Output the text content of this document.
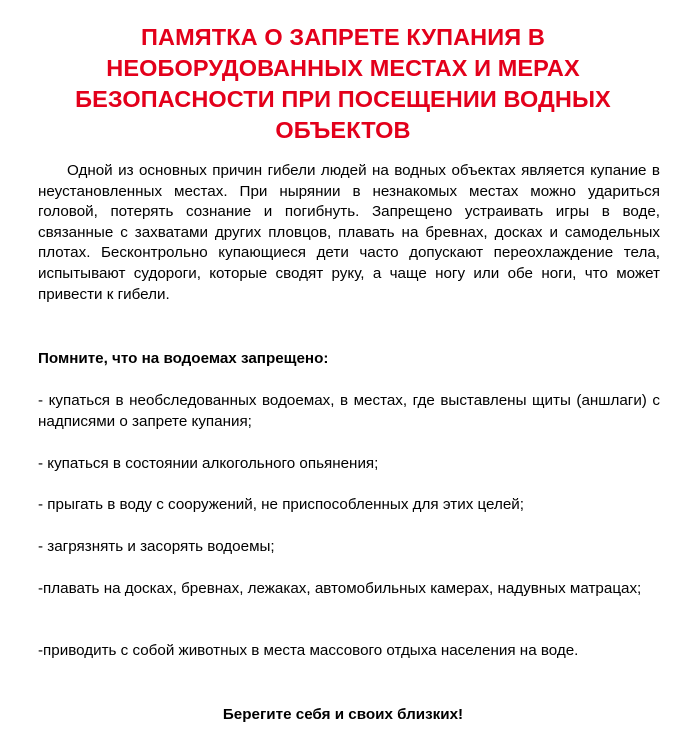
ПАМЯТКА О ЗАПРЕТЕ КУПАНИЯ В НЕОБОРУДОВАННЫХ МЕСТАХ И МЕРАХ БЕЗОПАСНОСТИ ПРИ ПОСЕЩЕНИИ ВОДНЫХ ОБЪЕКТОВ

Одной из основных причин гибели людей на водных объектах является купание в неустановленных местах. При нырянии в незнакомых местах можно удариться головой, потерять сознание и погибнуть. Запрещено устраивать игры в воде, связанные с захватами других пловцов, плавать на бревнах, досках и самодельных плотах. Бесконтрольно купающиеся дети часто допускают переохлаждение тела, испытывают судороги, которые сводят руку, а чаще ногу или обе ноги, что может привести к гибели.

Помните, что на водоемах запрещено:

- купаться в необследованных водоемах, в местах, где выставлены щиты (аншлаги) с надписями о запрете купания;

- купаться в состоянии алкогольного опьянения;

- прыгать в воду с сооружений, не приспособленных для этих целей;

- загрязнять и засорять водоемы;

-плавать на досках, бревнах, лежаках, автомобильных камерах, надувных матрацах;

-приводить с собой животных в места массового отдыха населения на воде.

Берегите себя и своих близких!
